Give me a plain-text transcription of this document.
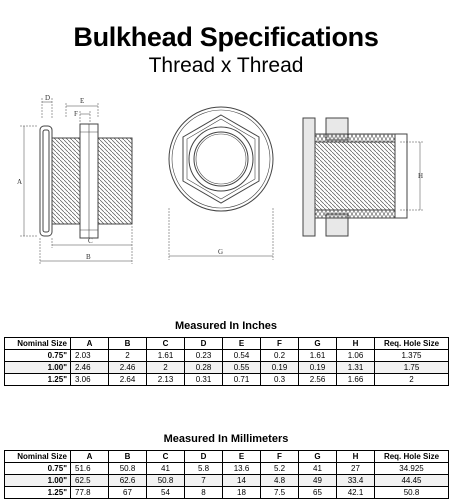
Bulkhead Specifications
Thread x Thread
D	E
F
A
C
B
G
H
Measured In Inches
Nominal Size	A	B	C	D	E	F	G	H	Req. Hole Size
0.75"	2.03	2	1.61	0.23	0.54	0.2	1.61	1.06	1.375
1.00"	2.46	2.46	2	0.28	0.55	0.19	0.19	1.31	1.75
1.25"	3.06	2.64	2.13	0.31	0.71	0.3	2.56	1.66	2
Measured In Millimeters
Nominal Size	A	B	C	D	E	F	G	H	Req. Hole Size
0.75"	51.6	50.8	41	5.8	13.6	5.2	41	27	34.925
1.00"	62.5	62.6	50.8	7	14	4.8	49	33.4	44.45
1.25"	77.8	67	54	8	18	7.5	65	42.1	50.8
